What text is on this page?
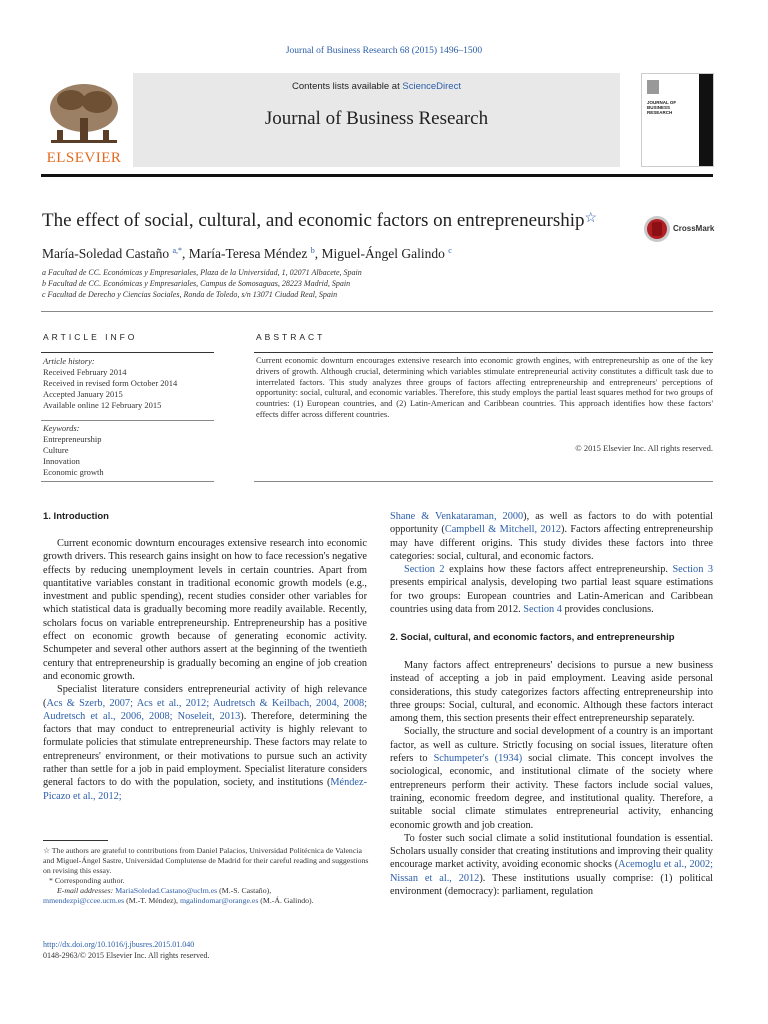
Journal of Business Research 68 (2015) 1496–1500
ELSEVIER
Contents lists available at ScienceDirect
Journal of Business Research
JOURNAL OF BUSINESS RESEARCH
The effect of social, cultural, and economic factors on entrepreneurship☆
CrossMark
María-Soledad Castaño $^{a,*}$, María-Teresa Méndez $^b$, Miguel-Ángel Galindo $^c$
a Facultad de CC. Económicas y Empresariales, Plaza de la Universidad, 1, 02071 Albacete, Spain
b Facultad de CC. Económicas y Empresariales, Campus de Somosaguas, 28223 Madrid, Spain
c Facultad de Derecho y Ciencias Sociales, Ronda de Toledo, s/n 13071 Ciudad Real, Spain
ARTICLE INFO	ABSTRACT
Article history:
Received February 2014
Received in revised form October 2014
Accepted January 2015
Available online 12 February 2015
Keywords:
Entrepreneurship
Culture
Innovation
Economic growth
Current economic downturn encourages extensive research into economic growth engines, with entrepreneurship as one of the key drivers of growth. Although crucial, determining which variables stimulate entrepreneurial activity constitutes a difficult task due to interrelated factors. This study analyzes three groups of factors affecting entrepreneurship and entrepreneurs' perceptions of opportunity: social, cultural, and economic variables. Therefore, this study employs the partial least squares method for two groups of countries: (1) European countries, and (2) Latin-American and Caribbean countries. This approach identifies how these factors' effects differ across different countries.
© 2015 Elsevier Inc. All rights reserved.
1. Introduction

Current economic downturn encourages extensive research into economic growth drivers. This research gains insight on how to face recession's negative effects by reducing unemployment levels in certain countries. Apart from quantitative variables constant in traditional economic growth models (e.g., investment and public spending), recent studies consider other variables for which statistical data is gradually becoming more readily available. Recently, scholars focus on variable entrepreneurship. Entrepreneurship has a positive effect on economic growth because of generating economic activity. Schumpeter and several other authors assert at the beginning of the twentieth century that entrepreneurship is gradually becoming an engine of job creation and economic growth.

Specialist literature considers entrepreneurial activity of high relevance (Acs & Szerb, 2007; Acs et al., 2012; Audretsch & Keilbach, 2004, 2008; Audretsch et al., 2006, 2008; Noseleit, 2013). Therefore, determining the factors that may conduct to entrepreneurial activity is highly relevant to formulate policies that stimulate entrepreneurship. These factors may relate to entrepreneurs' environment, or their motivations to pursue such an activity rather than settle for a job in paid employment. Specialist literature considers general factors to do with the population, society, and institutions (Méndez-Picazo et al., 2012;

Shane & Venkataraman, 2000), as well as factors to do with potential opportunity (Campbell & Mitchell, 2012). Factors affecting entrepreneurship may have different origins. This study divides these factors into three categories: social, cultural, and economic factors.

Section 2 explains how these factors affect entrepreneurship. Section 3 presents empirical analysis, developing two partial least square estimations for two groups: European countries and Latin-American and Caribbean countries using data from 2012. Section 4 provides conclusions.

2. Social, cultural, and economic factors, and entrepreneurship

Many factors affect entrepreneurs' decisions to pursue a new business instead of accepting a job in paid employment. Leaving aside personal considerations, this study categorizes factors affecting entrepreneurship into three groups: Social, cultural, and economic. Although these factors interact among them, this section presents their effect entrepreneurship separately.

Socially, the structure and social development of a country is an important factor, as well as culture. Strictly focusing on social issues, literature often refers to Schumpeter's (1934) social climate. This concept involves the sociological, economic, and institutional climate of the society where entrepreneurs perform their activity. These factors include social values, training, economic freedom degree, and institutional quality. Therefore, a suitable social climate stimulates entrepreneurial activity, enhancing economic growth and job creation.

To foster such social climate a solid institutional foundation is essential. Scholars usually consider that creating institutions and improving their quality encourage market activity, avoiding economic shocks (Acemoglu et al., 2002; Nissan et al., 2012). These institutions usually comprise: (1) political environment (democracy): parliament, regulation

☆ The authors are grateful to contributions from Daniel Palacios, Universidad Politécnica de Valencia and Miguel-Ángel Sastre, Universidad Complutense de Madrid for their careful reading and suggestions on revising this essay.
* Corresponding author.
E-mail addresses: MariaSoledad.Castano@uclm.es (M.-S. Castaño),
mmendezpi@ccee.ucm.es (M.-T. Méndez), mgalindomar@orange.es (M.-Á. Galindo).
http://dx.doi.org/10.1016/j.jbusres.2015.01.040
0148-2963/© 2015 Elsevier Inc. All rights reserved.
